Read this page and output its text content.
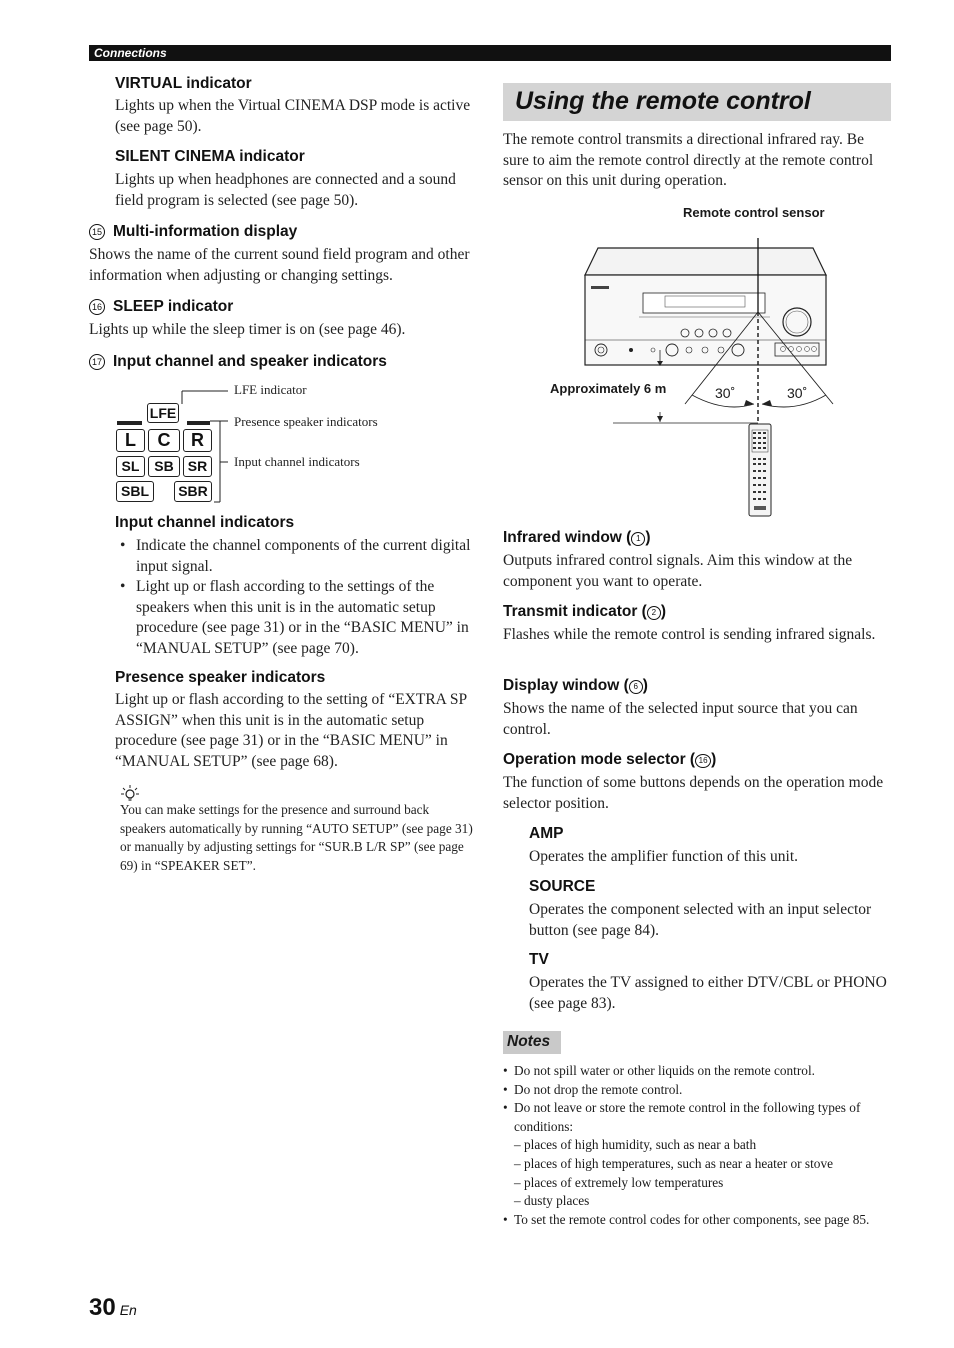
Connections
VIRTUAL indicator
Lights up when the Virtual CINEMA DSP mode is active (see page 50).
SILENT CINEMA indicator
Lights up when headphones are connected and a sound field program is selected (see page 50).
15 Multi-information display
Shows the name of the current sound field program and other information when adjusting or changing settings.
16 SLEEP indicator
Lights up while the sleep timer is on (see page 46).
17 Input channel and speaker indicators
LFE
L	C	R
SL	SB	SR
SBL	SBR
LFE indicator
Presence speaker indicators
Input channel indicators
Input channel indicators
• Indicate the channel components of the current digital input signal.
• Light up or flash according to the settings of the speakers when this unit is in the automatic setup procedure (see page 31) or in the “BASIC MENU” in “MANUAL SETUP” (see page 70).
Presence speaker indicators
Light up or flash according to the setting of “EXTRA SP ASSIGN” when this unit is in the automatic setup procedure (see page 31) or in the “BASIC MENU” in “MANUAL SETUP” (see page 68).
You can make settings for the presence and surround back speakers automatically by running “AUTO SETUP” (see page 31) or manually by adjusting settings for “SUR.B L/R SP” (see page 69) in “SPEAKER SET”.
Using the remote control
The remote control transmits a directional infrared ray. Be sure to aim the remote control directly at the remote control sensor on this unit during operation.
Remote control sensor
Approximately 6 m	30˚	30˚
Infrared window ( 1 )
Outputs infrared control signals. Aim this window at the component you want to operate.
Transmit indicator ( 2 )
Flashes while the remote control is sending infrared signals.
Display window ( 6 )
Shows the name of the selected input source that you can control.
Operation mode selector ( 16 )
The function of some buttons depends on the operation mode selector position.
AMP
Operates the amplifier function of this unit.
SOURCE
Operates the component selected with an input selector button (see page 84).
TV
Operates the TV assigned to either DTV/CBL or PHONO (see page 83).
Notes
• Do not spill water or other liquids on the remote control.
• Do not drop the remote control.
• Do not leave or store the remote control in the following types of conditions:
– places of high humidity, such as near a bath
– places of high temperatures, such as near a heater or stove
– places of extremely low temperatures
– dusty places
• To set the remote control codes for other components, see page 85.
30 En
